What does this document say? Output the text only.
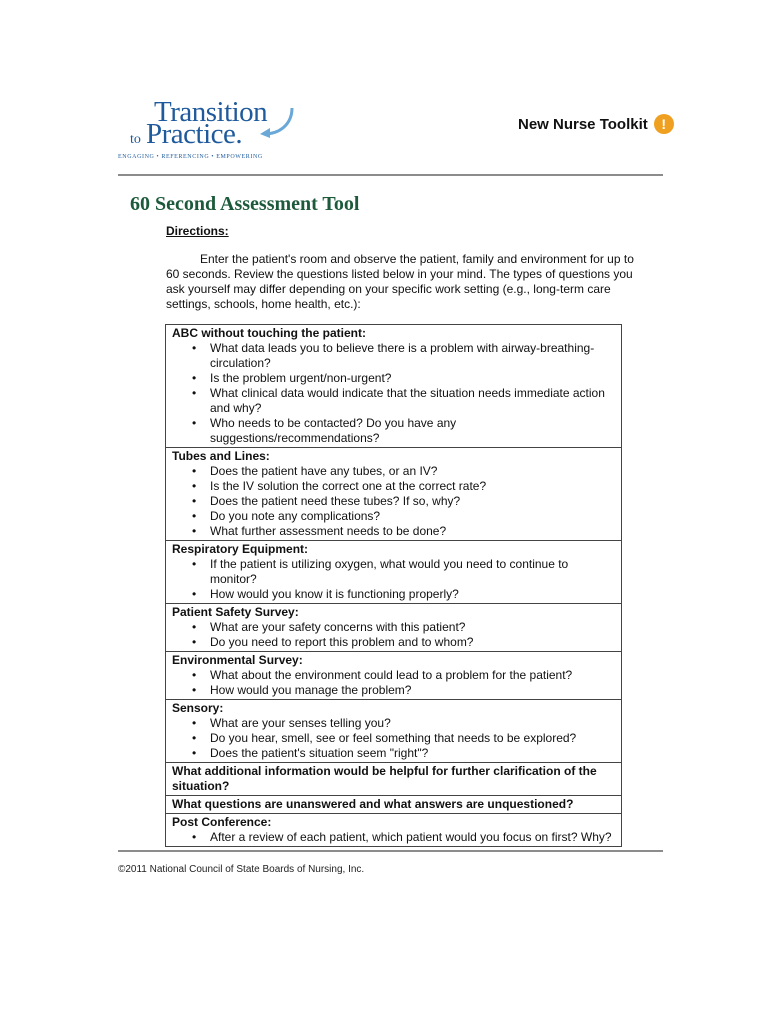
Transition
to Practice.
ENGAGING • REFERENCING • EMPOWERING
New Nurse Toolkit !
60 Second Assessment Tool
Directions:
Enter the patient's room and observe the patient, family and environment for up to 60 seconds. Review the questions listed below in your mind. The types of questions you ask yourself may differ depending on your specific work setting (e.g., long-term care settings, schools, home health, etc.):
ABC without touching the patient:
• What data leads you to believe there is a problem with airway-breathing-circulation?
• Is the problem urgent/non-urgent?
• What clinical data would indicate that the situation needs immediate action and why?
• Who needs to be contacted? Do you have any suggestions/recommendations?

Tubes and Lines:
• Does the patient have any tubes, or an IV?
• Is the IV solution the correct one at the correct rate?
• Does the patient need these tubes? If so, why?
• Do you note any complications?
• What further assessment needs to be done?

Respiratory Equipment:
• If the patient is utilizing oxygen, what would you need to continue to monitor?
• How would you know it is functioning properly?

Patient Safety Survey:
• What are your safety concerns with this patient?
• Do you need to report this problem and to whom?

Environmental Survey:
• What about the environment could lead to a problem for the patient?
• How would you manage the problem?

Sensory:
• What are your senses telling you?
• Do you hear, smell, see or feel something that needs to be explored?
• Does the patient's situation seem "right"?

What additional information would be helpful for further clarification of the situation?

What questions are unanswered and what answers are unquestioned?

Post Conference:
• After a review of each patient, which patient would you focus on first? Why?
©2011 National Council of State Boards of Nursing, Inc.
